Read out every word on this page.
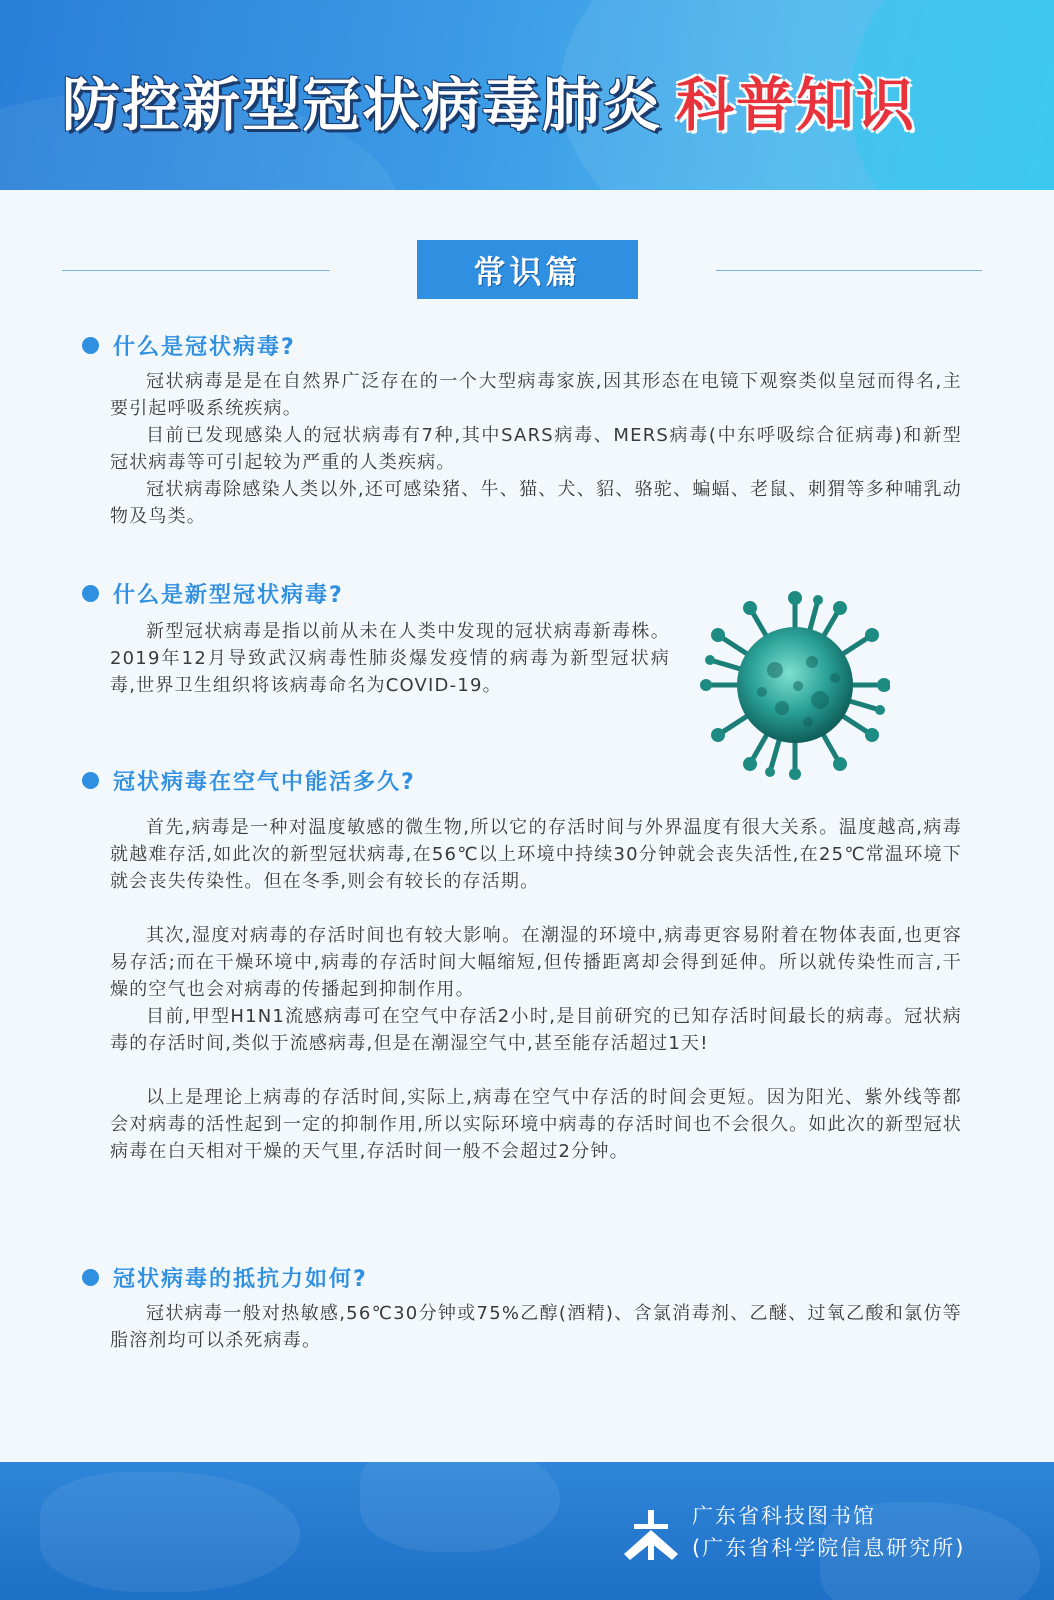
防控新型冠状病毒肺炎 科普知识
常识篇
什么是冠状病毒?

冠状病毒是是在自然界广泛存在的一个大型病毒家族,因其形态在电镜下观察类似皇冠而得名,主要引起呼吸系统疾病。

目前已发现感染人的冠状病毒有7种,其中SARS病毒、MERS病毒(中东呼吸综合征病毒)和新型冠状病毒等可引起较为严重的人类疾病。

冠状病毒除感染人类以外,还可感染猪、牛、猫、犬、貂、骆驼、蝙蝠、老鼠、刺猬等多种哺乳动物及鸟类。

什么是新型冠状病毒?

新型冠状病毒是指以前从未在人类中发现的冠状病毒新毒株。2019年12月导致武汉病毒性肺炎爆发疫情的病毒为新型冠状病毒,世界卫生组织将该病毒命名为COVID-19。

冠状病毒在空气中能活多久?

首先,病毒是一种对温度敏感的微生物,所以它的存活时间与外界温度有很大关系。温度越高,病毒就越难存活,如此次的新型冠状病毒,在56℃以上环境中持续30分钟就会丧失活性,在25℃常温环境下就会丧失传染性。但在冬季,则会有较长的存活期。

其次,湿度对病毒的存活时间也有较大影响。在潮湿的环境中,病毒更容易附着在物体表面,也更容易存活;而在干燥环境中,病毒的存活时间大幅缩短,但传播距离却会得到延伸。所以就传染性而言,干燥的空气也会对病毒的传播起到抑制作用。

目前,甲型H1N1流感病毒可在空气中存活2小时,是目前研究的已知存活时间最长的病毒。冠状病毒的存活时间,类似于流感病毒,但是在潮湿空气中,甚至能存活超过1天!

以上是理论上病毒的存活时间,实际上,病毒在空气中存活的时间会更短。因为阳光、紫外线等都会对病毒的活性起到一定的抑制作用,所以实际环境中病毒的存活时间也不会很久。如此次的新型冠状病毒在白天相对干燥的天气里,存活时间一般不会超过2分钟。

冠状病毒的抵抗力如何?

冠状病毒一般对热敏感,56℃30分钟或75%乙醇(酒精)、含氯消毒剂、乙醚、过氧乙酸和氯仿等脂溶剂均可以杀死病毒。

广东省科技图书馆
(广东省科学院信息研究所)
